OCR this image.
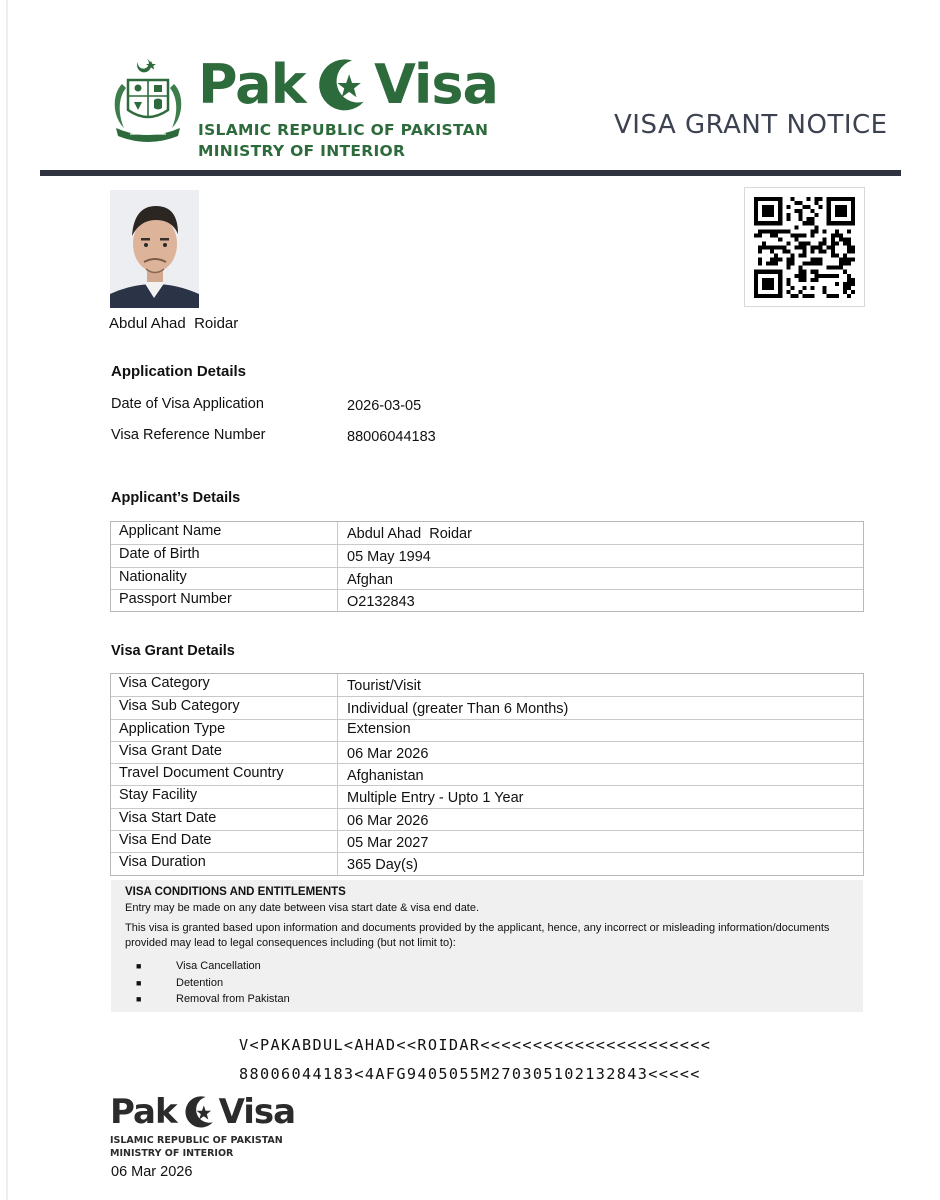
Pak Visa
ISLAMIC REPUBLIC OF PAKISTAN
MINISTRY OF INTERIOR
VISA GRANT NOTICE
Abdul Ahad  Roidar
Application Details
Date of Visa Application	2026-03-05
Visa Reference Number	88006044183
Applicant’s Details
Applicant Name	Abdul Ahad  Roidar
Date of Birth	05 May 1994
Nationality	Afghan
Passport Number	O2132843
Visa Grant Details
Visa Category	Tourist/Visit
Visa Sub Category	Individual (greater Than 6 Months)
Application Type	Extension
Visa Grant Date	06 Mar 2026
Travel Document Country	Afghanistan
Stay Facility	Multiple Entry - Upto 1 Year
Visa Start Date	06 Mar 2026
Visa End Date	05 Mar 2027
Visa Duration	365 Day(s)
VISA CONDITIONS AND ENTITLEMENTS
Entry may be made on any date between visa start date & visa end date.
This visa is granted based upon information and documents provided by the applicant, hence, any incorrect or misleading information/documents provided may lead to legal consequences including (but not limit to):
■	Visa Cancellation
■	Detention
■	Removal from Pakistan
V<PAKABDUL<AHAD<<ROIDAR<<<<<<<<<<<<<<<<<<<<<<
88006044183<4AFG9405055M270305102132843<<<<<
Pak Visa
ISLAMIC REPUBLIC OF PAKISTAN
MINISTRY OF INTERIOR
06 Mar 2026
